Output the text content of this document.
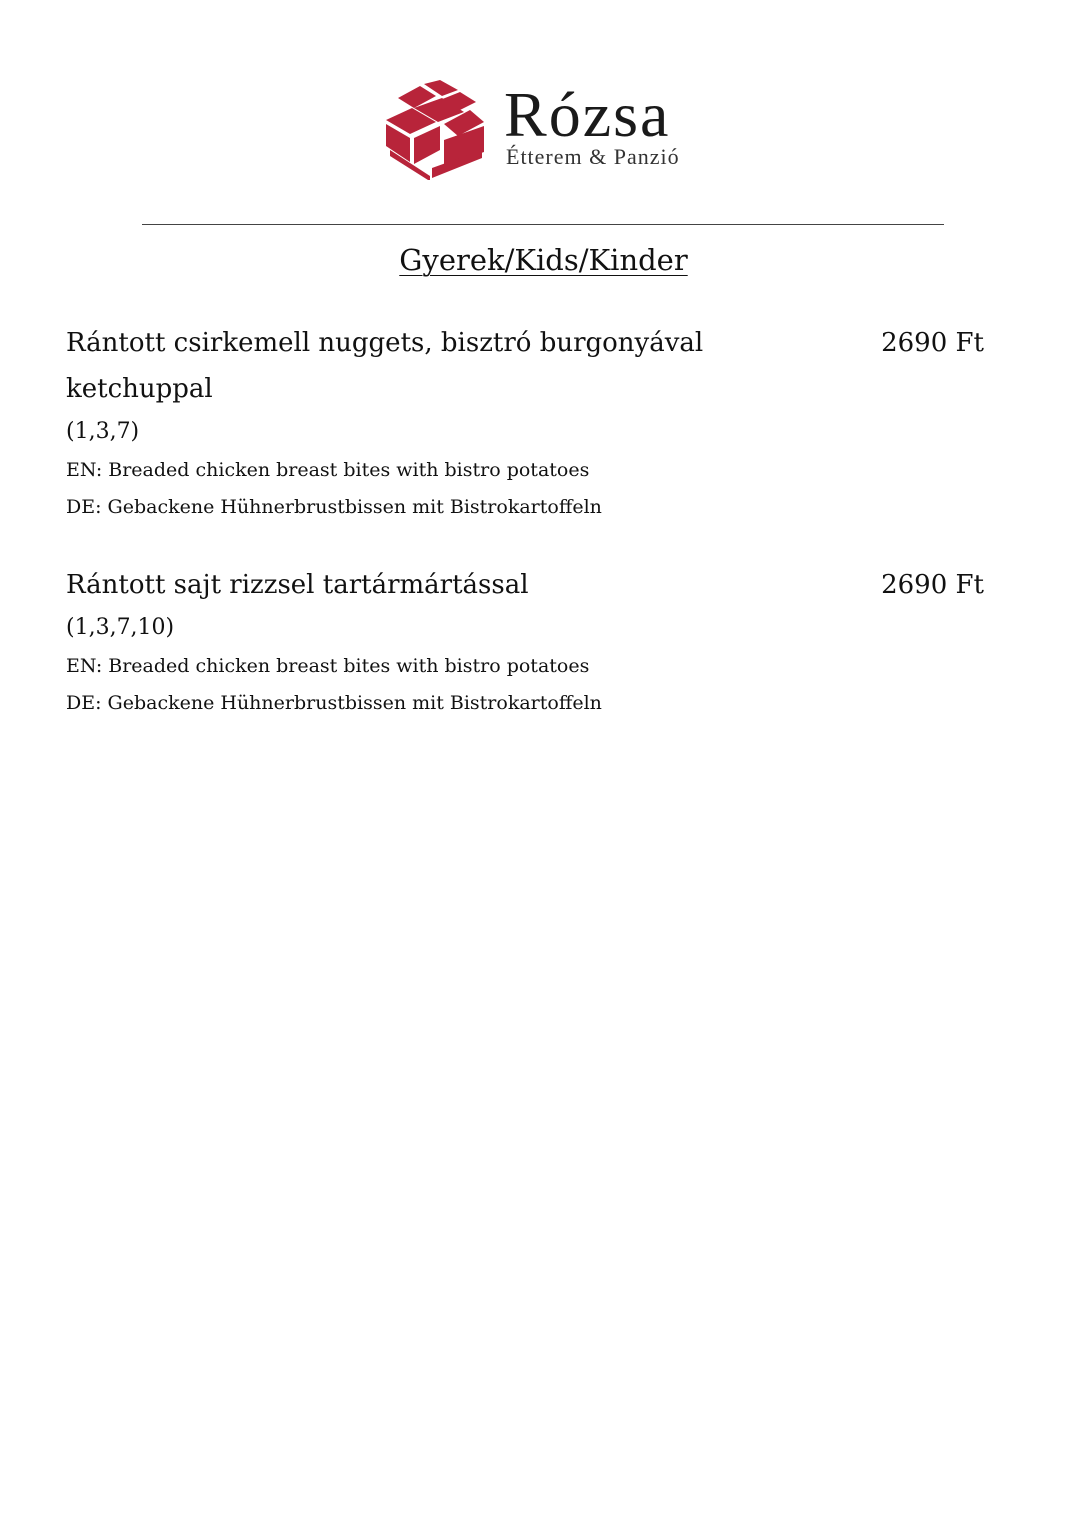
Rózsa
Étterem & Panzió
Gyerek/Kids/Kinder
Rántott csirkemell nuggets, bisztró burgonyával ketchuppal
2690 Ft
(1,3,7)
EN: Breaded chicken breast bites with bistro potatoes
DE: Gebackene Hühnerbrustbissen mit Bistrokartoffeln
Rántott sajt rizzsel tartármártással	2690 Ft
(1,3,7,10)
EN: Breaded chicken breast bites with bistro potatoes
DE: Gebackene Hühnerbrustbissen mit Bistrokartoffeln
